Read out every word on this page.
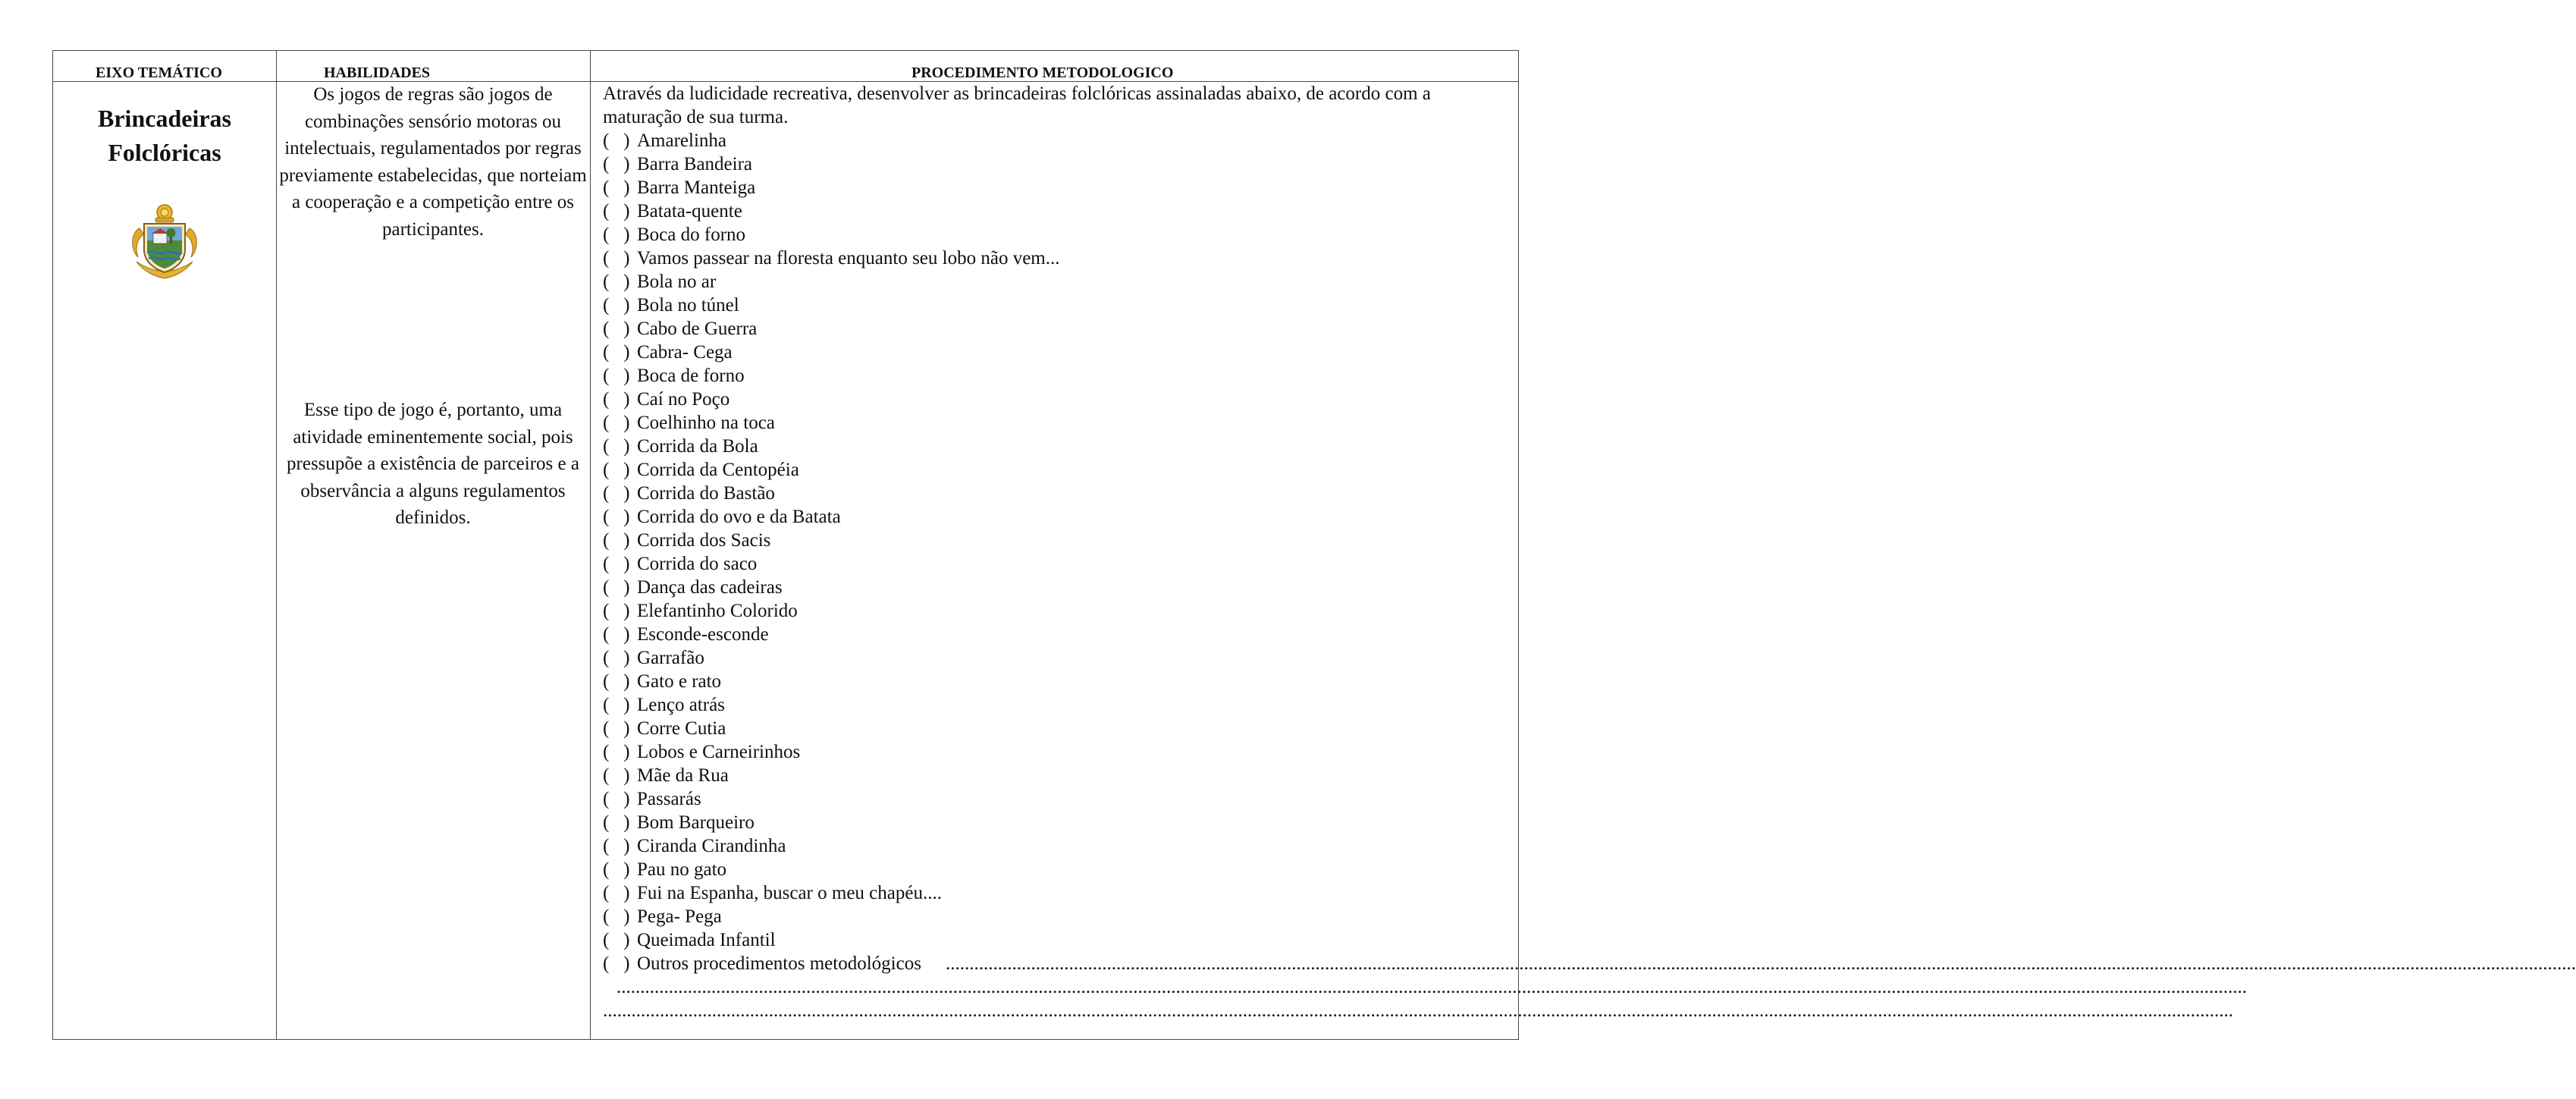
EIXO TEMÁTICO	HABILIDADES	PROCEDIMENTO METODOLOGICO
Brincadeiras
Folclóricas
Os jogos de regras são jogos de combinações sensório motoras ou intelectuais, regulamentados por regras previamente estabelecidas, que norteiam a cooperação e a competição entre os participantes.
Esse tipo de jogo é, portanto, uma atividade eminentemente social, pois pressupõe a existência de parceiros e a observância a alguns regulamentos definidos.

Através da ludicidade recreativa, desenvolver as brincadeiras folclóricas assinaladas abaixo, de acordo com a maturação de sua turma.

(   ) Amarelinha
(   ) Barra Bandeira
(   ) Barra Manteiga
(   ) Batata-quente
(   ) Boca do forno
(   ) Vamos passear na floresta enquanto seu lobo não vem...
(   ) Bola no ar
(   ) Bola no túnel
(   ) Cabo de Guerra
(   ) Cabra- Cega
(   ) Boca de forno
(   ) Caí no Poço
(   ) Coelhinho na toca
(   ) Corrida da Bola
(   ) Corrida da Centopéia
(   ) Corrida do Bastão
(   ) Corrida do ovo e da Batata
(   ) Corrida dos Sacis
(   ) Corrida do saco
(   ) Dança das cadeiras
(   ) Elefantinho Colorido
(   ) Esconde-esconde
(   ) Garrafão
(   ) Gato e rato
(   ) Lenço atrás
(   ) Corre Cutia
(   ) Lobos e Carneirinhos
(   ) Mãe da Rua
(   ) Passarás
(   ) Bom Barqueiro
(   ) Ciranda Cirandinha
(   ) Pau no gato
(   ) Fui na Espanha, buscar o meu chapéu....
(   ) Pega- Pega
(   ) Queimada Infantil
(   ) Outros procedimentos metodológicos ........................................................................................................................................................................................................................................................................................................................................................
........................................................................................................................................................................................................................................................................................................................................................
........................................................................................................................................................................................................................................................................................................................................................
